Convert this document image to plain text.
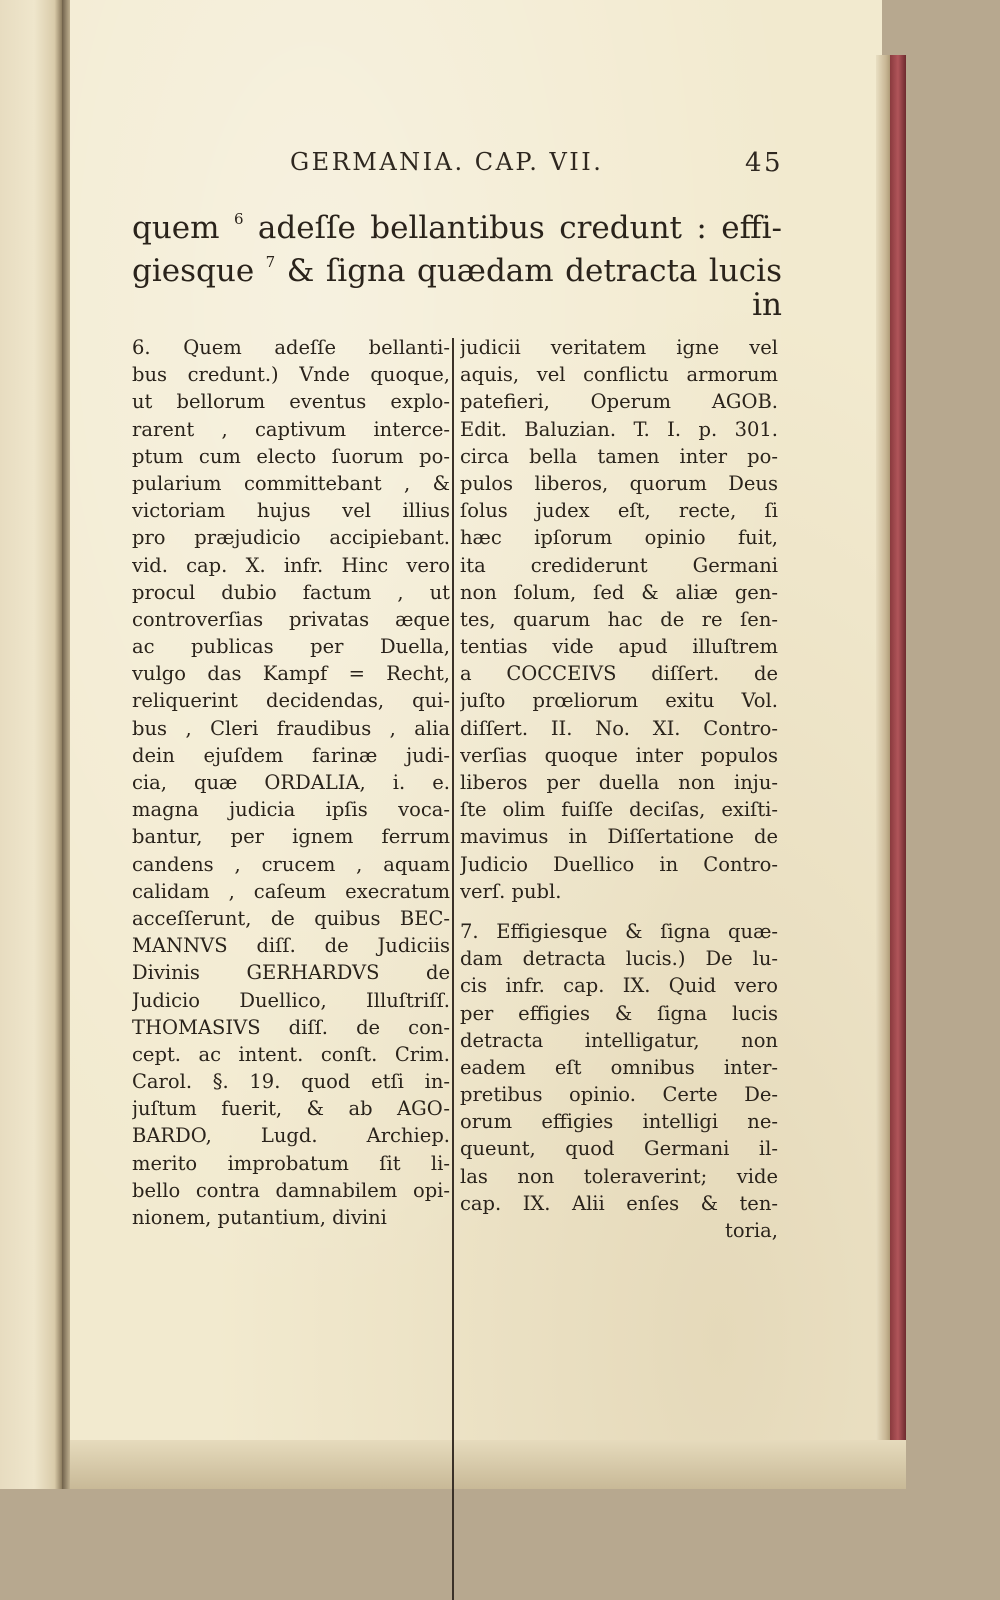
GERMANIA. CAP. VII.	45
quem $^6$ adeſſe bellantibus credunt : effi-
giesque $^7$ & ſigna quædam detracta lucis
in
6. Quem adeſſe bellanti-
bus credunt.) Vnde quoque,
ut bellorum eventus explo-
rarent , captivum interce-
ptum cum electo ſuorum po-
pularium committebant , &
victoriam hujus vel illius
pro præjudicio accipiebant.
vid. cap. X. infr. Hinc vero
procul dubio factum , ut
controverſias privatas æque
ac publicas per Duella,
vulgo das Kampf = Recht,
reliquerint decidendas, qui-
bus , Cleri fraudibus , alia
dein ejuſdem farinæ judi-
cia, quæ ORDALIA, i. e.
magna judicia ipſis voca-
bantur, per ignem ferrum
candens , crucem , aquam
calidam , caſeum execratum
acceſſerunt, de quibus BEC-
MANNVS diſſ. de Judiciis
Divinis GERHARDVS de
Judicio Duellico, Illuſtriſſ.
THOMASIVS diſſ. de con-
cept. ac intent. conſt. Crim.
Carol. §. 19. quod etſi in-
juſtum fuerit, & ab AGO-
BARDO, Lugd. Archiep.
merito improbatum ſit li-
bello contra damnabilem opi-
nionem, putantium, divini
judicii veritatem igne vel
aquis, vel conflictu armorum
patefieri, Operum AGOB.
Edit. Baluzian. T. I. p. 301.
circa bella tamen inter po-
pulos liberos, quorum Deus
ſolus judex eſt, recte, ſi
hæc ipſorum opinio fuit,
ita crediderunt Germani
non ſolum, ſed & aliæ gen-
tes, quarum hac de re ſen-
tentias vide apud illuſtrem
a COCCEIVS diſſert. de
juſto prœliorum exitu Vol.
diſſert. II. No. XI. Contro-
verſias quoque inter populos
liberos per duella non inju-
ſte olim fuiſſe deciſas, exiſti-
mavimus in Diſſertatione de
Judicio Duellico in Contro-
verſ. publ.
7. Effigiesque & ſigna quæ-
dam detracta lucis.) De lu-
cis infr. cap. IX. Quid vero
per effigies & ſigna lucis
detracta intelligatur, non
eadem eſt omnibus inter-
pretibus opinio. Certe De-
orum effigies intelligi ne-
queunt, quod Germani il-
las non toleraverint; vide
cap. IX. Alii enſes & ten-
toria,
